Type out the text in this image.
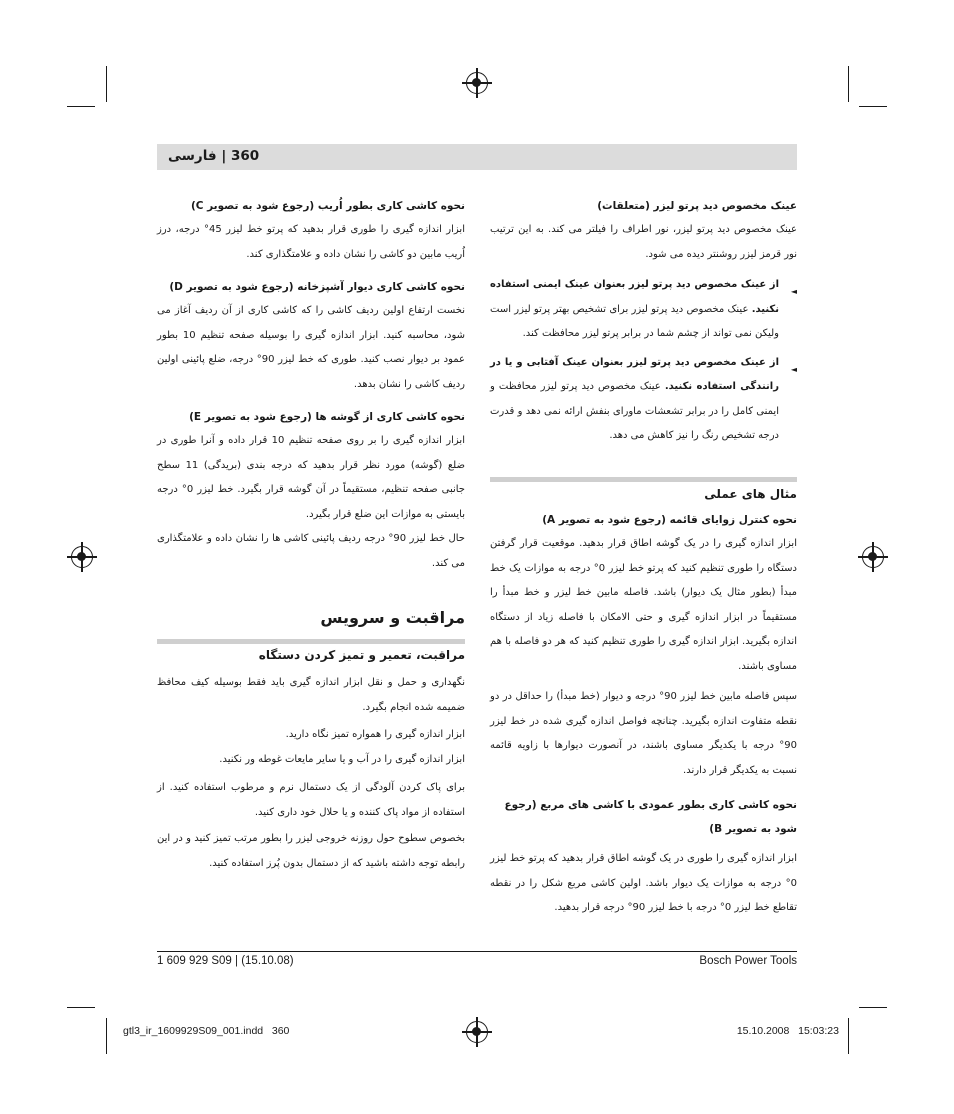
360 | فارسی

عینک مخصوص دید پرتو لیزر (متعلقات)

عینک مخصوص دید پرتو لیزر، نور اطراف را فیلتر می کند. به این ترتیب نور قرمز لیزر روشنتر دیده می شود.

◄
از عینک مخصوص دید پرتو لیزر بعنوان عینک ایمنی استفاده نکنید. عینک مخصوص دید پرتو لیزر برای تشخیص بهتر پرتو لیزر است ولیکن نمی تواند از چشم شما در برابر پرتو لیزر محافظت کند.

◄
از عینک مخصوص دید پرتو لیزر بعنوان عینک آفتابی و یا در رانندگی استفاده نکنید. عینک مخصوص دید پرتو لیزر محافظت و ایمنی کامل را در برابر تشعشات ماورای بنفش ارائه نمی دهد و قدرت درجه تشخیص رنگ را نیز کاهش می دهد.

مثال های عملی

نحوه کنترل زوایای قائمه (رجوع شود به تصویر A)

ابزار اندازه گیری را در یک گوشه اطاق قرار بدهید. موقعیت قرار گرفتن دستگاه را طوری تنظیم کنید که پرتو خط لیزر 0° درجه به موازات یک خط مبدأ (بطور مثال یک دیوار) باشد. فاصله مابین خط لیزر و خط مبدأ را مستقیماً در ابزار اندازه گیری و حتی الامکان با فاصله زیاد از دستگاه اندازه بگیرید. ابزار اندازه گیری را طوری تنظیم کنید که هر دو فاصله با هم مساوی باشند.

سپس فاصله مابین خط لیزر 90° درجه و دیوار (خط مبدأ) را حداقل در دو نقطه متفاوت اندازه بگیرید. چنانچه فواصل اندازه گیری شده در خط لیزر 90° درجه با یکدیگر مساوی باشند، در آنصورت دیوارها با زاویه قائمه نسبت به یکدیگر قرار دارند.

نحوه کاشی کاری بطور عمودی با کاشی های مربع (رجوع شود به تصویر B)

ابزار اندازه گیری را طوری در یک گوشه اطاق قرار بدهید که پرتو خط لیزر 0° درجه به موازات یک دیوار باشد. اولین کاشی مربع شکل را در نقطه تقاطع خط لیزر 0° درجه با خط لیزر 90° درجه قرار بدهید.

نحوه کاشی کاری بطور اُریب (رجوع شود به تصویر C)

ابزار اندازه گیری را طوری قرار بدهید که پرتو خط لیزر 45° درجه، درز اُریب مابین دو کاشی را نشان داده و علامتگذاری کند.

نحوه کاشی کاری دیوار آشپزخانه (رجوع شود به تصویر D)

نخست ارتفاع اولین ردیف کاشی را که کاشی کاری از آن ردیف آغاز می شود، محاسبه کنید. ابزار اندازه گیری را بوسیله صفحه تنظیم 10 بطور عمود بر دیوار نصب کنید. طوری که خط لیزر 90° درجه، ضلع پائینی اولین ردیف کاشی را نشان بدهد.

نحوه کاشی کاری از گوشه ها (رجوع شود به تصویر E)

ابزار اندازه گیری را بر روی صفحه تنظیم 10 قرار داده و آنرا طوری در ضلع (گوشه) مورد نظر قرار بدهید که درجه بندی (بریدگی) 11 سطح جانبی صفحه تنظیم، مستقیماً در آن گوشه قرار بگیرد. خط لیزر 0° درجه بایستی به موازات این ضلع قرار بگیرد.

حال خط لیزر 90° درجه ردیف پائینی کاشی ها را نشان داده و علامتگذاری می کند.

مراقبت و سرویس

مراقبت، تعمیر و تمیز کردن دستگاه

نگهداری و حمل و نقل ابزار اندازه گیری باید فقط بوسیله کیف محافظ ضمیمه شده انجام بگیرد.

ابزار اندازه گیری را همواره تمیز نگاه دارید.

ابزار اندازه گیری را در آب و یا سایر مایعات غوطه ور نکنید.

برای پاک کردن آلودگی از یک دستمال نرم و مرطوب استفاده کنید. از استفاده از مواد پاک کننده و یا حلال خود داری کنید.

بخصوص سطوح حول روزنه خروجی لیزر را بطور مرتب تمیز کنید و در این رابطه توجه داشته باشید که از دستمال بدون پُرز استفاده کنید.

1 609 929 S09 | (15.10.08)	Bosch Power Tools
gtl3_ir_1609929S09_001.indd   360	15.10.2008   15:03:23
